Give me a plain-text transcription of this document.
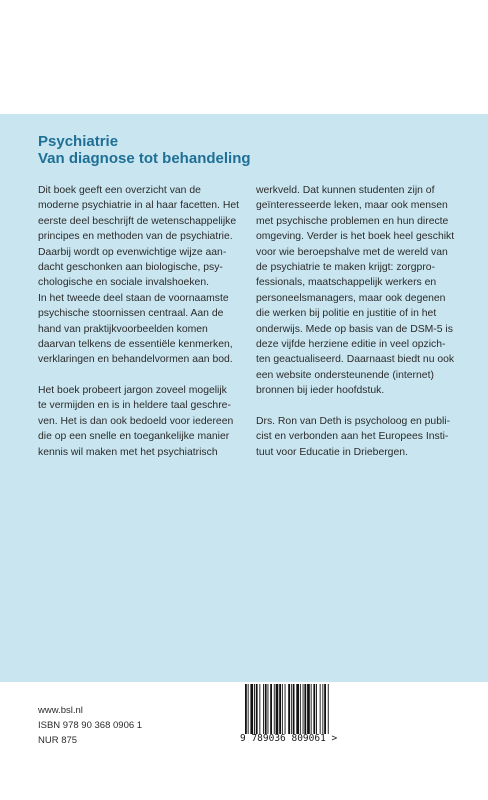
Psychiatrie
Van diagnose tot behandeling

Dit boek geeft een overzicht van de
moderne psychiatrie in al haar facetten. Het
eerste deel beschrijft de wetenschappelijke
principes en methoden van de psychiatrie.
Daarbij wordt op evenwichtige wijze aan-
dacht geschonken aan biologische, psy-
chologische en sociale invalshoeken.
In het tweede deel staan de voornaamste
psychische stoornissen centraal. Aan de
hand van praktijkvoorbeelden komen
daarvan telkens de essentiële kenmerken,
verklaringen en behandelvormen aan bod.

Het boek probeert jargon zoveel mogelijk
te vermijden en is in heldere taal geschre-
ven. Het is dan ook bedoeld voor iedereen
die op een snelle en toegankelijke manier
kennis wil maken met het psychiatrisch

werkveld. Dat kunnen studenten zijn of
geïnteresseerde leken, maar ook mensen
met psychische problemen en hun directe
omgeving. Verder is het boek heel geschikt
voor wie beroepshalve met de wereld van
de psychiatrie te maken krijgt: zorgpro-
fessionals, maatschappelijk werkers en
personeelsmanagers, maar ook degenen
die werken bij politie en justitie of in het
onderwijs. Mede op basis van de DSM-5 is
deze vijfde herziene editie in veel opzich-
ten geactualiseerd. Daarnaast biedt nu ook
een website ondersteunende (internet)
bronnen bij ieder hoofdstuk.

Drs. Ron van Deth is psycholoog en publi-
cist en verbonden aan het Europees Insti-
tuut voor Educatie in Driebergen.

www.bsl.nl
ISBN 978 90 368 0906 1
NUR 875	9 789036 809061 >
